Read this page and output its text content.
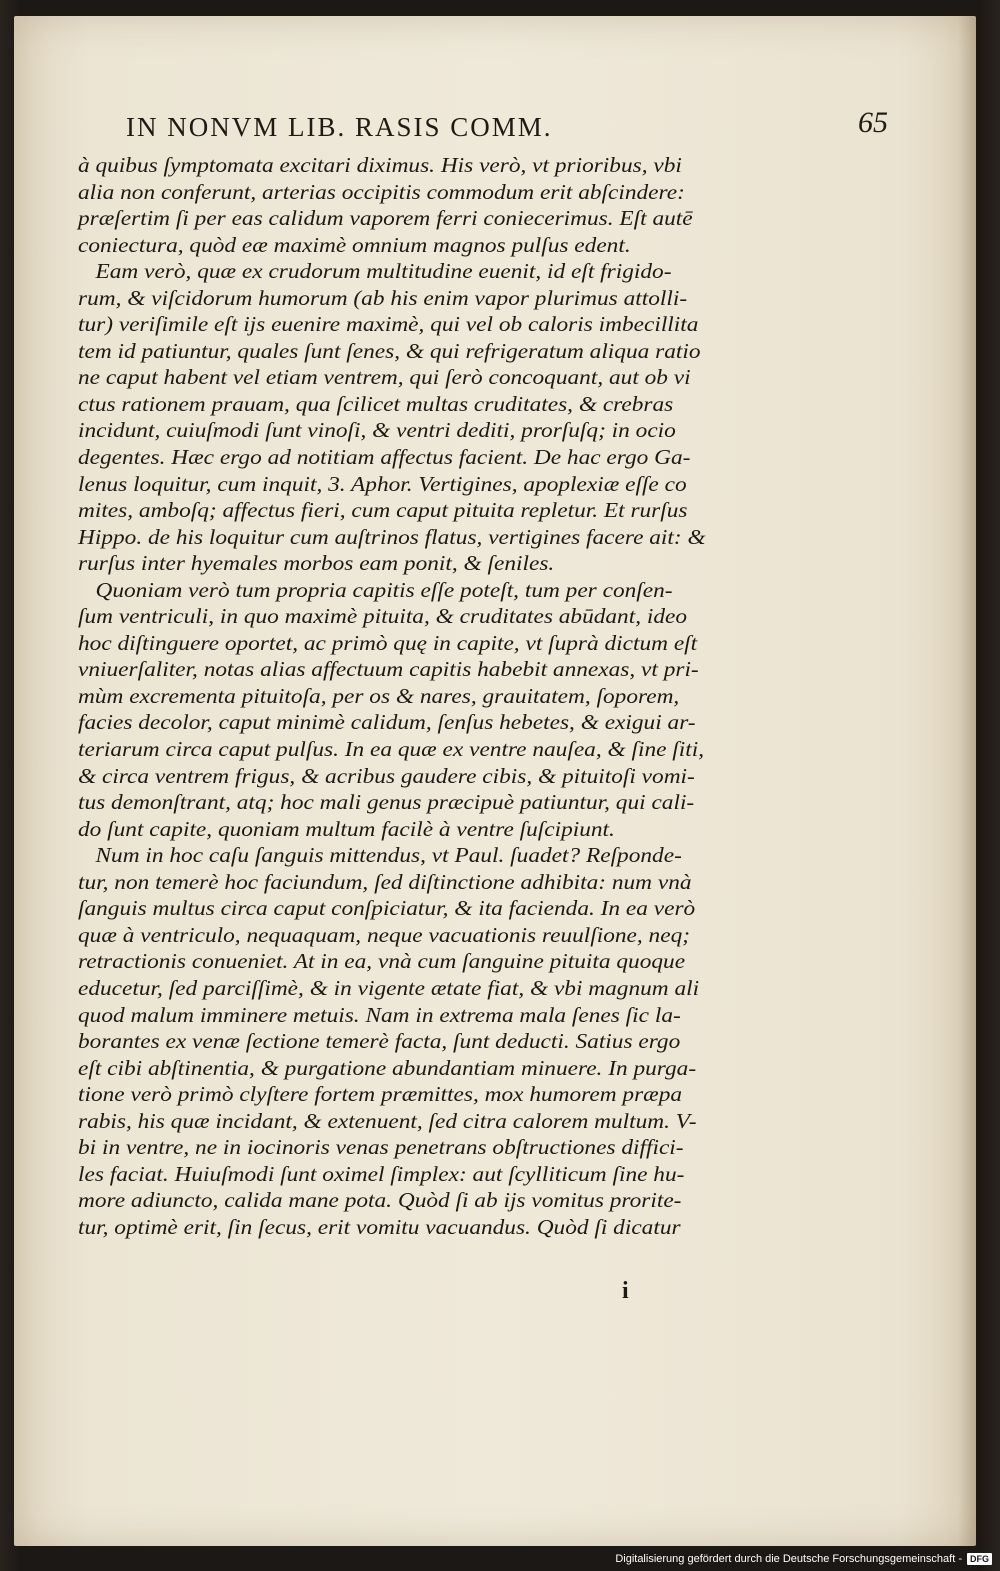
IN NONVM LIB. RASIS COMM.	65
à quibus ſymptomata excitari diximus. His verò, vt prioribus, vbi
alia non conferunt, arterias occipitis commodum erit abſcindere:
præſertim ſi per eas calidum vaporem ferri coniecerimus. Eſt autē
coniectura, quòd eæ maximè omnium magnos pulſus edent.
Eam verò, quæ ex crudorum multitudine euenit, id eſt frigido-
rum, & viſcidorum humorum (ab his enim vapor plurimus attolli-
tur) veriſimile eſt ijs euenire maximè, qui vel ob caloris imbecillita
tem id patiuntur, quales ſunt ſenes, & qui refrigeratum aliqua ratio
ne caput habent vel etiam ventrem, qui ſerò concoquant, aut ob vi
ctus rationem prauam, qua ſcilicet multas cruditates, & crebras
incidunt, cuiuſmodi ſunt vinoſi, & ventri dediti, prorſuſq; in ocio
degentes. Hæc ergo ad notitiam affectus facient. De hac ergo Ga-
lenus loquitur, cum inquit, 3. Aphor. Vertigines, apoplexiæ eſſe co
mites, amboſq; affectus fieri, cum caput pituita repletur. Et rurſus
Hippo. de his loquitur cum auſtrinos flatus, vertigines facere ait: &
rurſus inter hyemales morbos eam ponit, & ſeniles.
Quoniam verò tum propria capitis eſſe poteſt, tum per conſen-
ſum ventriculi, in quo maximè pituita, & cruditates abūdant, ideo
hoc diſtinguere oportet, ac primò quę in capite, vt ſuprà dictum eſt
vniuerſaliter, notas alias affectuum capitis habebit annexas, vt pri-
mùm excrementa pituitoſa, per os & nares, grauitatem, ſoporem,
facies decolor, caput minimè calidum, ſenſus hebetes, & exigui ar-
teriarum circa caput pulſus. In ea quæ ex ventre nauſea, & ſine ſiti,
& circa ventrem frigus, & acribus gaudere cibis, & pituitoſi vomi-
tus demonſtrant, atq; hoc mali genus præcipuè patiuntur, qui cali-
do ſunt capite, quoniam multum facilè à ventre ſuſcipiunt.
Num in hoc caſu ſanguis mittendus, vt Paul. ſuadet? Reſponde-
tur, non temerè hoc faciundum, ſed diſtinctione adhibita: num vnà
ſanguis multus circa caput conſpiciatur, & ita facienda. In ea verò
quæ à ventriculo, nequaquam, neque vacuationis reuulſione, neq;
retractionis conueniet. At in ea, vnà cum ſanguine pituita quoque
educetur, ſed parciſſimè, & in vigente ætate fiat, & vbi magnum ali
quod malum imminere metuis. Nam in extrema mala ſenes ſic la-
borantes ex venæ ſectione temerè facta, ſunt deducti. Satius ergo
eſt cibi abſtinentia, & purgatione abundantiam minuere. In purga-
tione verò primò clyſtere fortem præmittes, mox humorem præpa
rabis, his quæ incidant, & extenuent, ſed citra calorem multum. V-
bi in ventre, ne in iocinoris venas penetrans obſtructiones diffici-
les faciat. Huiuſmodi ſunt oximel ſimplex: aut ſcylliticum ſine hu-
more adiuncto, calida mane pota. Quòd ſi ab ijs vomitus prorite-
tur, optimè erit, ſin ſecus, erit vomitu vacuandus. Quòd ſi dicatur
i
Digitalisierung gefördert durch die Deutsche Forschungsgemeinschaft - DFG
